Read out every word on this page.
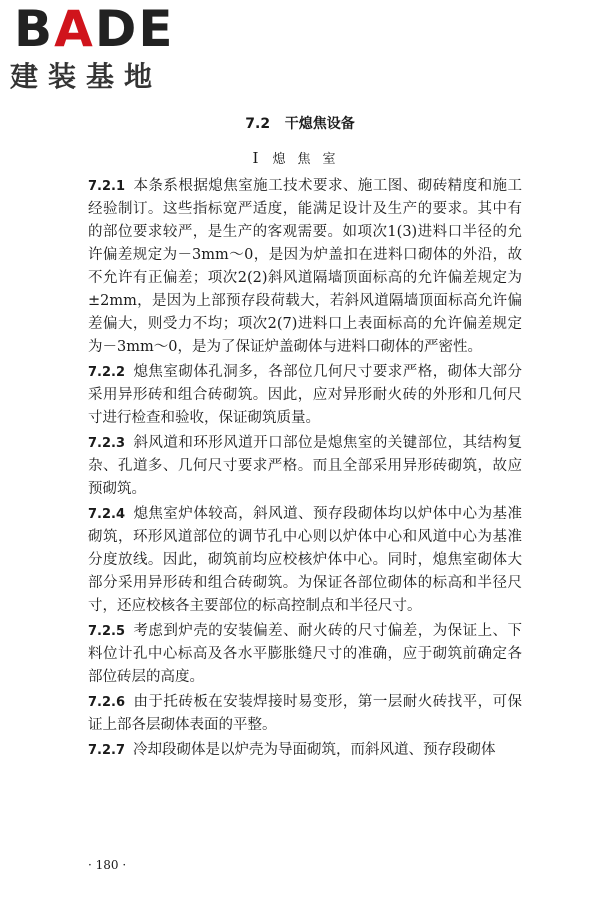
BADE
建装基地
7.2 干熄焦设备
Ⅰ 熄焦室

7.2.1 本条系根据熄焦室施工技术要求、施工图、砌砖精度和施工经验制订。这些指标宽严适度，能满足设计及生产的要求。其中有的部位要求较严，是生产的客观需要。如项次1(3)进料口半径的允许偏差规定为－3mm～0，是因为炉盖扣在进料口砌体的外沿，故不允许有正偏差；项次2(2)斜风道隔墙顶面标高的允许偏差规定为±2mm，是因为上部预存段荷载大，若斜风道隔墙顶面标高允许偏差偏大，则受力不均；项次2(7)进料口上表面标高的允许偏差规定为－3mm～0，是为了保证炉盖砌体与进料口砌体的严密性。

7.2.2 熄焦室砌体孔洞多，各部位几何尺寸要求严格，砌体大部分采用异形砖和组合砖砌筑。因此，应对异形耐火砖的外形和几何尺寸进行检查和验收，保证砌筑质量。

7.2.3 斜风道和环形风道开口部位是熄焦室的关键部位，其结构复杂、孔道多、几何尺寸要求严格。而且全部采用异形砖砌筑，故应预砌筑。

7.2.4 熄焦室炉体较高，斜风道、预存段砌体均以炉体中心为基准砌筑，环形风道部位的调节孔中心则以炉体中心和风道中心为基准分度放线。因此，砌筑前均应校核炉体中心。同时，熄焦室砌体大部分采用异形砖和组合砖砌筑。为保证各部位砌体的标高和半径尺寸，还应校核各主要部位的标高控制点和半径尺寸。

7.2.5 考虑到炉壳的安装偏差、耐火砖的尺寸偏差，为保证上、下料位计孔中心标高及各水平膨胀缝尺寸的准确，应于砌筑前确定各部位砖层的高度。

7.2.6 由于托砖板在安装焊接时易变形，第一层耐火砖找平，可保证上部各层砌体表面的平整。

7.2.7 冷却段砌体是以炉壳为导面砌筑，而斜风道、预存段砌体

· 180 ·
